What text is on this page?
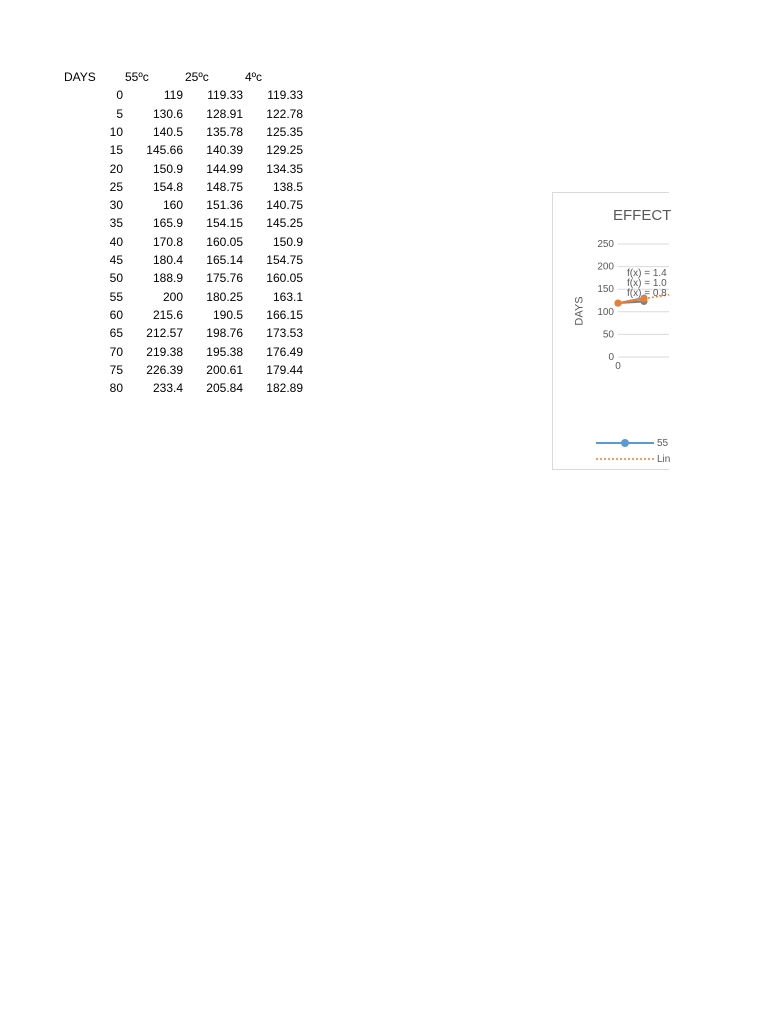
DAYS 55ºc	25ºc	4ºc
0	119	119.33	119.33
5	130.6	128.91	122.78
10	140.5	135.78	125.35
15	145.66	140.39	129.25
20	150.9	144.99	134.35
25	154.8	148.75	138.5
30	160	151.36	140.75
35	165.9	154.15	145.25
40	170.8	160.05	150.9
45	180.4	165.14	154.75
50	188.9	175.76	160.05
55	200	180.25	163.1
60	215.6	190.5	166.15
65	212.57	198.76	173.53
70	219.38	195.38	176.49
75	226.39	200.61	179.44
80	233.4	205.84	182.89
EFFECT
DAYS
250
200
150
100
50
0
0
f(x) = 1.4
f(x) = 1.0
f(x) = 0.8
55
Lin
